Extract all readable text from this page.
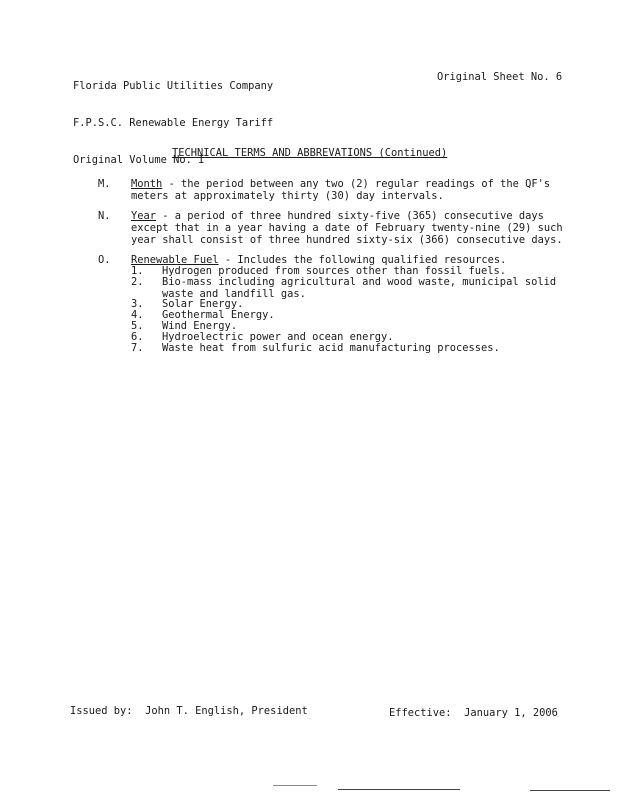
Florida Public Utilities Company

F.P.S.C. Renewable Energy Tariff

Original Volume No. I

Original Sheet No. 6
TECHNICAL TERMS AND ABBREVATIONS (Continued)
M.	Month - the period between any two (2) regular readings of the QF's
meters at approximately thirty (30) day intervals.
N.	Year - a period of three hundred sixty-five (365) consecutive days
except that in a year having a date of February twenty-nine (29) such
year shall consist of three hundred sixty-six (366) consecutive days.
O.	Renewable Fuel - Includes the following qualified resources.
1. Hydrogen produced from sources other than fossil fuels.
2. Bio-mass including agricultural and wood waste, municipal solid
waste and landfill gas.
3. Solar Energy.
4. Geothermal Energy.
5. Wind Energy.
6. Hydroelectric power and ocean energy.
7. Waste heat from sulfuric acid manufacturing processes.
Issued by:  John T. English, President	Effective:  January 1, 2006
